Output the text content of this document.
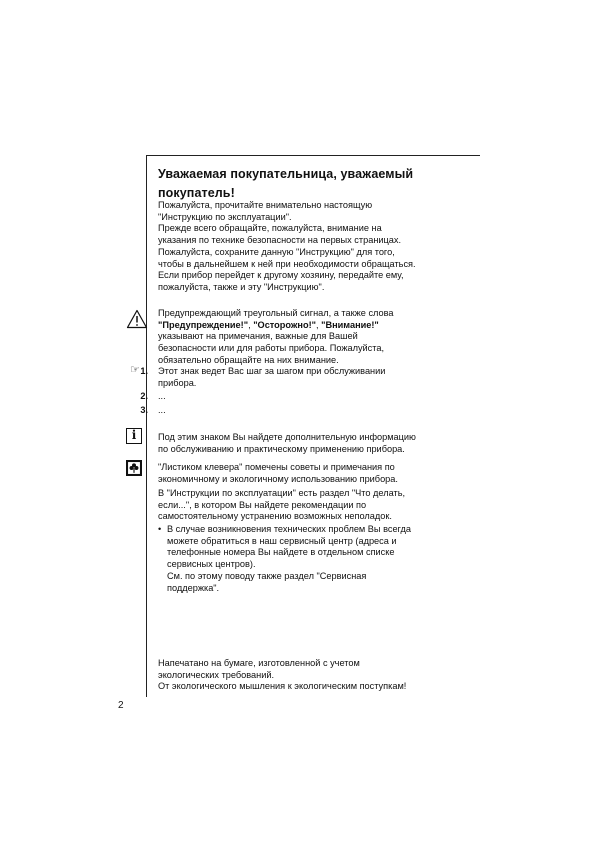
Уважаемая покупательница, уважаемый покупатель!

Пожалуйста, прочитайте внимательно настоящую

"Инструкцию по эксплуатации".

Прежде всего обращайте, пожалуйста, внимание на

указания по технике безопасности на первых страницах.

Пожалуйста, сохраните данную "Инструкцию" для того,

чтобы в дальнейшем к ней при необходимости обращаться.

Если прибор перейдет к другому хозяину, передайте ему,

пожалуйста, также и эту "Инструкцию".

Предупреждающий треугольный сигнал, а также слова

"Предупреждение!", "Осторожно!", "Внимание!"

указывают на примечания, важные для Вашей

безопасности или для работы прибора. Пожалуйста,

обязательно обращайте на них внимание.

☞ 1. Этот знак ведет Вас шаг за шагом при обслуживании
прибора.
2. ...
3. ...
i	Под этим знаком Вы найдете дополнительную информацию

по обслуживанию и практическому применению прибора.

"Листиком клевера" помечены советы и примечания по

экономичному и экологичному использованию прибора.

В "Инструкции по эксплуатации" есть раздел "Что делать,

если...", в котором Вы найдете рекомендации по

самостоятельному устранению возможных неполадок.

• В случае возникновения технических проблем Вы всегда

можете обратиться в наш сервисный центр (адреса и

телефонные номера Вы найдете в отдельном списке

сервисных центров).

См. по этому поводу также раздел "Сервисная

поддержка".

Напечатано на бумаге, изготовленной с учетом

экологических требований.

От экологического мышления к экологическим поступкам!

2
